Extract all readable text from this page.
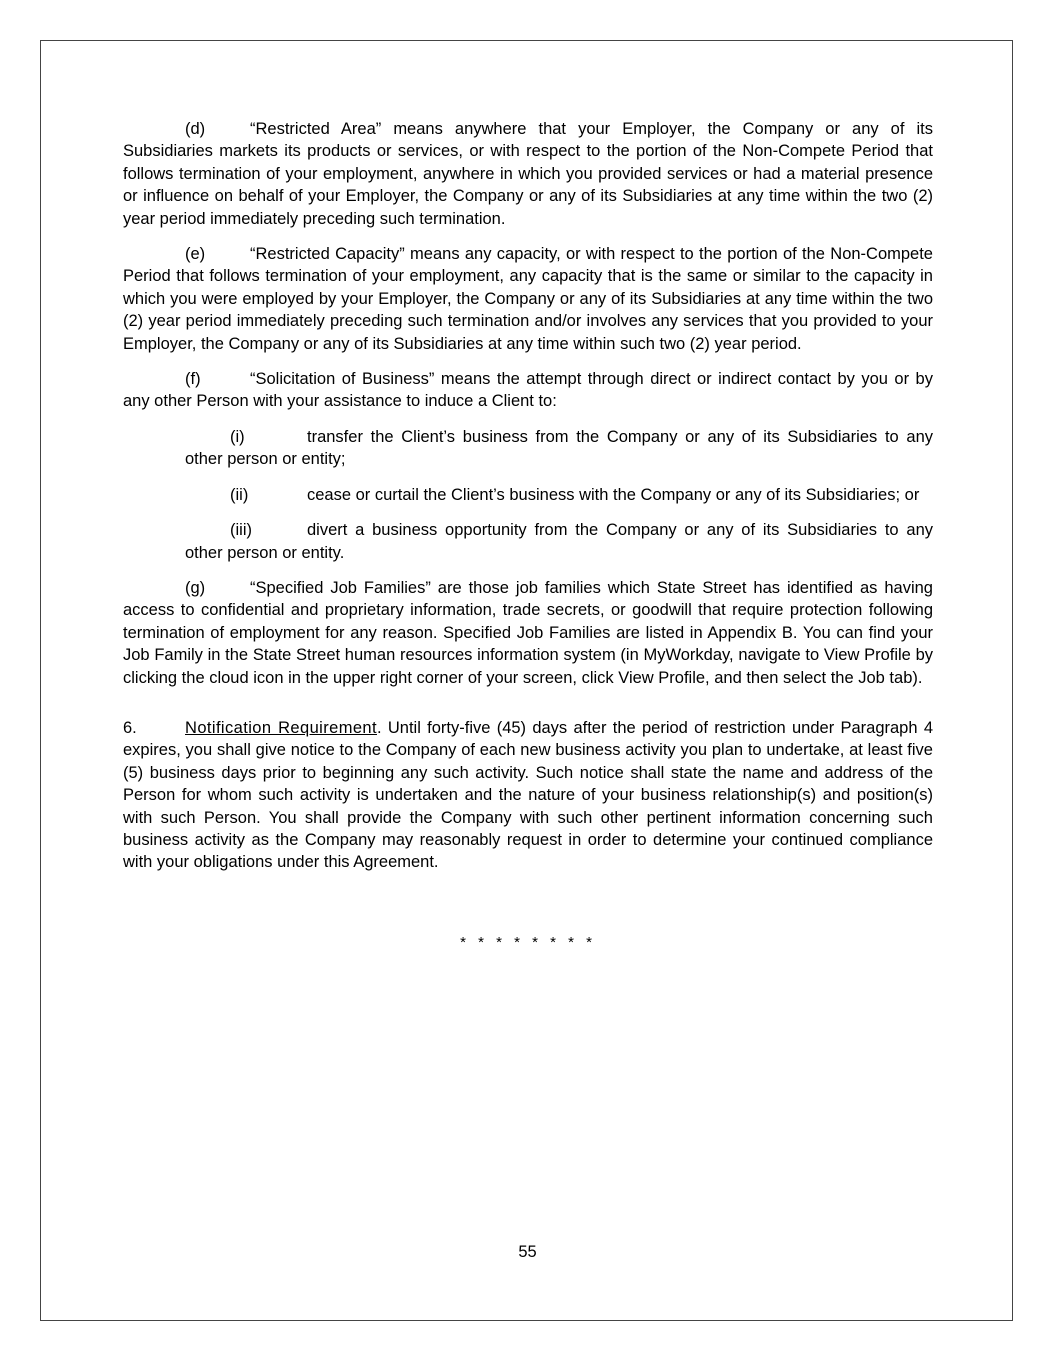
(d)	“Restricted Area” means anywhere that your Employer, the Company or any of its Subsidiaries markets its products or services, or with respect to the portion of the Non-Compete Period that follows termination of your employment, anywhere in which you provided services or had a material presence or influence on behalf of your Employer, the Company or any of its Subsidiaries at any time within the two (2) year period immediately preceding such termination.

(e)	“Restricted Capacity” means any capacity, or with respect to the portion of the Non-Compete Period that follows termination of your employment, any capacity that is the same or similar to the capacity in which you were employed by your Employer, the Company or any of its Subsidiaries at any time within the two (2) year period immediately preceding such termination and/or involves any services that you provided to your Employer, the Company or any of its Subsidiaries at any time within such two (2) year period.

(f)	“Solicitation of Business” means the attempt through direct or indirect contact by you or by any other Person with your assistance to induce a Client to:

(i)	transfer the Client’s business from the Company or any of its Subsidiaries to any other person or entity;

(ii)	cease or curtail the Client’s business with the Company or any of its Subsidiaries; or

(iii)	divert a business opportunity from the Company or any of its Subsidiaries to any other person or entity.

(g)	“Specified Job Families” are those job families which State Street has identified as having access to confidential and proprietary information, trade secrets, or goodwill that require protection following termination of employment for any reason. Specified Job Families are listed in Appendix B. You can find your Job Family in the State Street human resources information system (in MyWorkday, navigate to View Profile by clicking the cloud icon in the upper right corner of your screen, click View Profile, and then select the Job tab).

6.	Notification Requirement. Until forty-five (45) days after the period of restriction under Paragraph 4 expires, you shall give notice to the Company of each new business activity you plan to undertake, at least five (5) business days prior to beginning any such activity. Such notice shall state the name and address of the Person for whom such activity is undertaken and the nature of your business relationship(s) and position(s) with such Person. You shall provide the Company with such other pertinent information concerning such business activity as the Company may reasonably request in order to determine your continued compliance with your obligations under this Agreement.

* * * * * * * *
55
